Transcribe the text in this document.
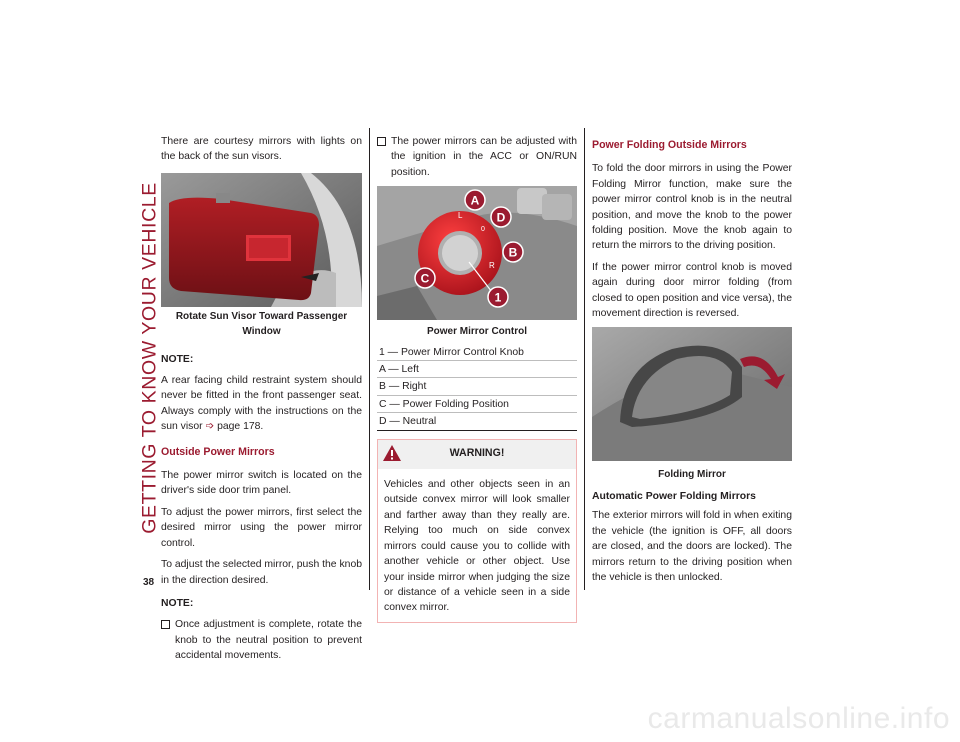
GETTING TO KNOW YOUR VEHICLE
38

There are courtesy mirrors with lights on the back of the sun visors.

Rotate Sun Visor Toward Passenger Window

NOTE:

A rear facing child restraint system should never be fitted in the front passenger seat. Always comply with the instructions on the sun visor ➩ page 178.

Outside Power Mirrors

The power mirror switch is located on the driver's side door trim panel.

To adjust the power mirrors, first select the desired mirror using the power mirror control.

To adjust the selected mirror, push the knob in the direction desired.

NOTE:

Once adjustment is complete, rotate the knob to the neutral position to prevent accidental movements.
The power mirrors can be adjusted with the ignition in the ACC or ON/RUN position.
L
R
0
A
D
B
C
1
Power Mirror Control
1 — Power Mirror Control Knob
A — Left
B — Right
C — Power Folding Position
D — Neutral
WARNING!
Vehicles and other objects seen in an outside convex mirror will look smaller and farther away than they really are. Relying too much on side convex mirrors could cause you to collide with another vehicle or other object. Use your inside mirror when judging the size or distance of a vehicle seen in a side convex mirror.
Power Folding Outside Mirrors

To fold the door mirrors in using the Power Folding Mirror function, make sure the power mirror control knob is in the neutral position, and move the knob to the power folding position. Move the knob again to return the mirrors to the driving position.

If the power mirror control knob is moved again during door mirror folding (from closed to open position and vice versa), the movement direction is reversed.

Folding Mirror

Automatic Power Folding Mirrors

The exterior mirrors will fold in when exiting the vehicle (the ignition is OFF, all doors are closed, and the doors are locked). The mirrors return to the driving position when the vehicle is then unlocked.

carmanualsonline.info
